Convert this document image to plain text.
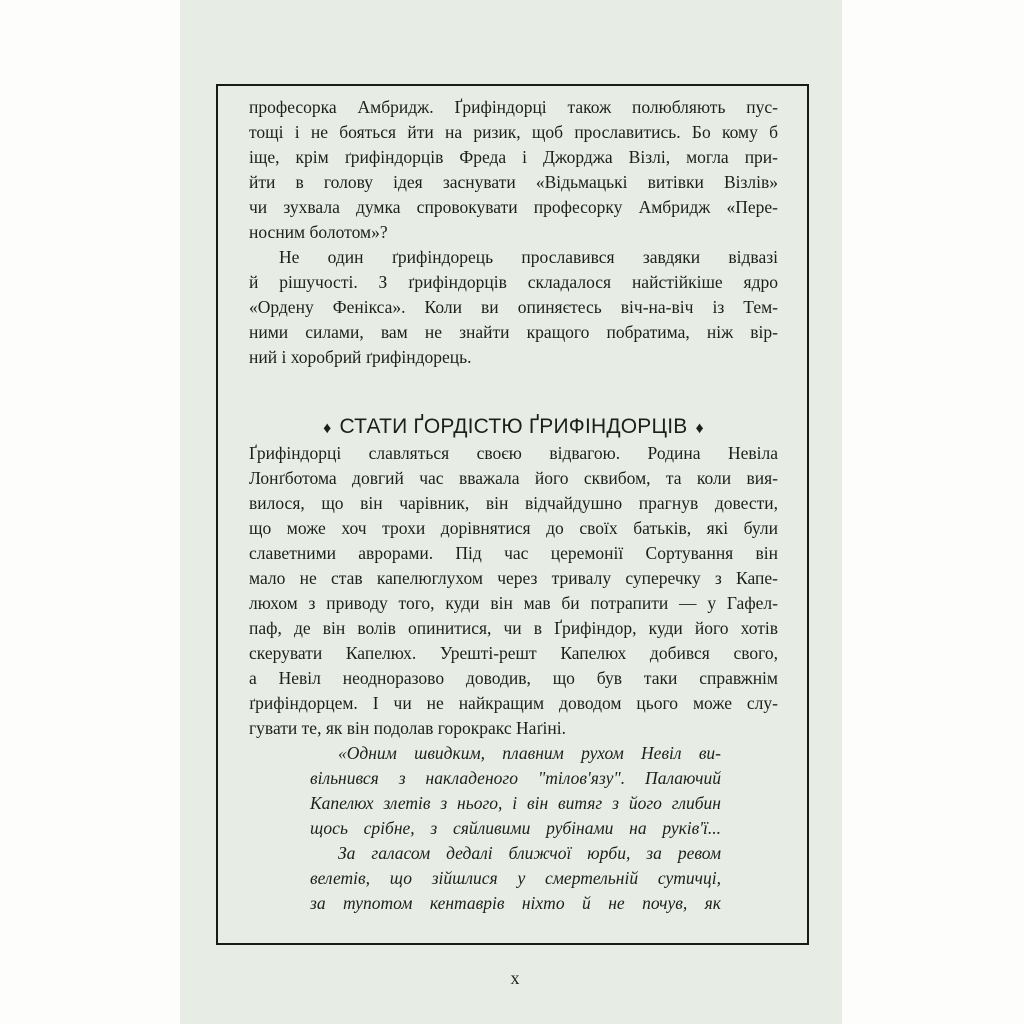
професорка Амбридж. Ґрифіндорці також полюбляють пус-
тощі і не бояться йти на ризик, щоб прославитись. Бо кому б
іще, крім ґрифіндорців Фреда і Джорджа Візлі, могла при-
йти в голову ідея заснувати «Відьмацькі витівки Візлів»
чи зухвала думка спровокувати професорку Амбридж «Пере-
носним болотом»?
Не один ґрифіндорець прославився завдяки відвазі
й рішучості. З ґрифіндорців складалося найстійкіше ядро
«Ордену Фенікса». Коли ви опиняєтесь віч-на-віч із Тем-
ними силами, вам не знайти кращого побратима, ніж вір-
ний і хоробрий ґрифіндорець.
Ґрифіндорці славляться своєю відвагою. Родина Невіла
Лонґботома довгий час вважала його сквибом, та коли вия-
вилося, що він чарівник, він відчайдушно прагнув довести,
що може хоч трохи дорівнятися до своїх батьків, які були
славетними аврорами. Під час церемонії Сортування він
мало не став капелюглухом через тривалу суперечку з Капе-
люхом з приводу того, куди він мав би потрапити — у Гафел-
паф, де він волів опинитися, чи в Ґрифіндор, куди його хотів
скерувати Капелюх. Урешті-решт Капелюх добився свого,
а Невіл неодноразово доводив, що був таки справжнім
ґрифіндорцем. І чи не найкращим доводом цього може слу-
гувати те, як він подолав горокракс Наґіні.
«Одним швидким, плавним рухом Невіл ви-
вільнився з накладеного "тілов'язу". Палаючий
Капелюх злетів з нього, і він витяг з його глибин
щось срібне, з сяйливими рубінами на руків'ї...
За галасом дедалі ближчої юрби, за ревом
велетів, що зійшлися у смертельній сутичці,
за тупотом кентаврів ніхто й не почув, як
♦ СТАТИ ҐОРДІСТЮ ҐРИФІНДОРЦІВ ♦
x
